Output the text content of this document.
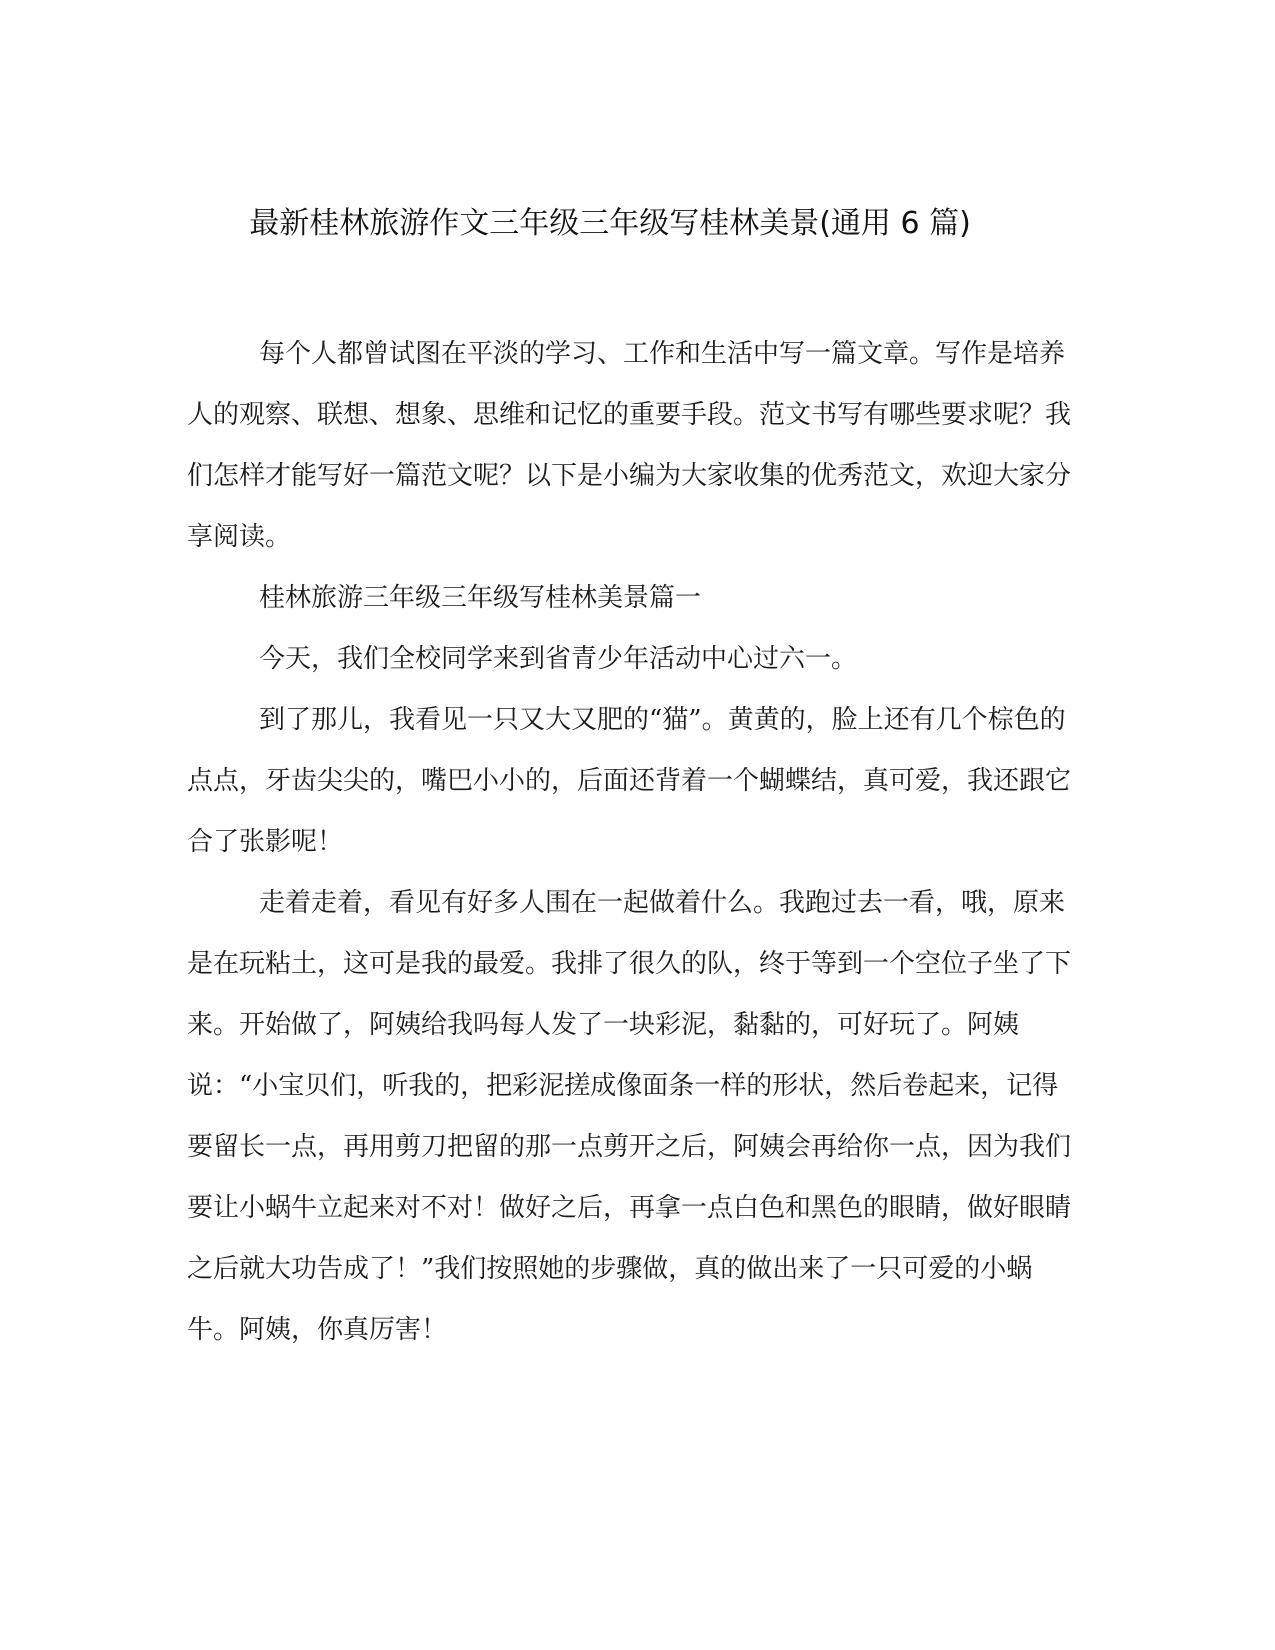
最新桂林旅游作文三年级三年级写桂林美景(通用 6 篇)

每个人都曾试图在平淡的学习、工作和生活中写一篇文章。写作是培养人的观察、联想、想象、思维和记忆的重要手段。范文书写有哪些要求呢？我们怎样才能写好一篇范文呢？以下是小编为大家收集的优秀范文，欢迎大家分享阅读。

桂林旅游三年级三年级写桂林美景篇一

今天，我们全校同学来到省青少年活动中心过六一。

到了那儿，我看见一只又大又肥的“猫”。黄黄的，脸上还有几个棕色的点点，牙齿尖尖的，嘴巴小小的，后面还背着一个蝴蝶结，真可爱，我还跟它合了张影呢！

走着走着，看见有好多人围在一起做着什么。我跑过去一看，哦，原来是在玩粘土，这可是我的最爱。我排了很久的队，终于等到一个空位子坐了下来。开始做了，阿姨给我吗每人发了一块彩泥，黏黏的，可好玩了。阿姨说：“小宝贝们，听我的，把彩泥搓成像面条一样的形状，然后卷起来，记得要留长一点，再用剪刀把留的那一点剪开之后，阿姨会再给你一点，因为我们要让小蜗牛立起来对不对！做好之后，再拿一点白色和黑色的眼睛，做好眼睛之后就大功告成了！”我们按照她的步骤做，真的做出来了一只可爱的小蜗牛。阿姨，你真厉害！
